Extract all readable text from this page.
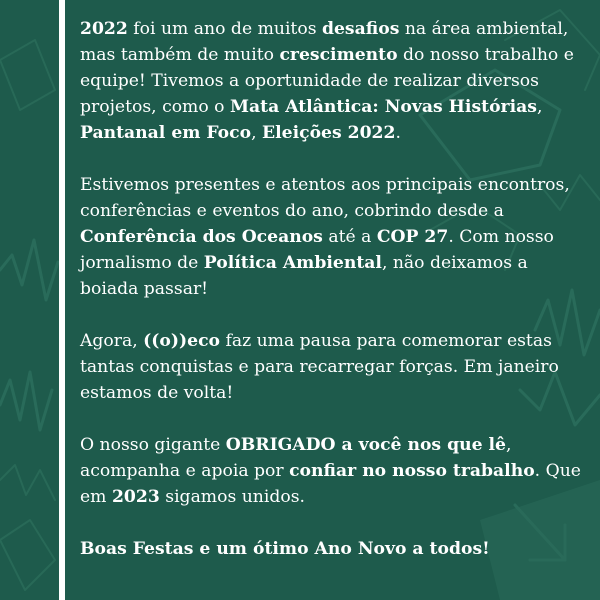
2022 foi um ano de muitos desafios na área ambiental, mas também de muito crescimento do nosso trabalho e equipe! Tivemos a oportunidade de realizar diversos projetos, como o Mata Atlântica: Novas Histórias, Pantanal em Foco, Eleições 2022.

Estivemos presentes e atentos aos principais encontros, conferências e eventos do ano, cobrindo desde a Conferência dos Oceanos até a COP 27. Com nosso jornalismo de Política Ambiental, não deixamos a boiada passar!

Agora, ((o))eco faz uma pausa para comemorar estas tantas conquistas e para recarregar forças. Em janeiro estamos de volta!

O nosso gigante OBRIGADO a você nos que lê, acompanha e apoia por confiar no nosso trabalho. Que em 2023 sigamos unidos.

Boas Festas e um ótimo Ano Novo a todos!
